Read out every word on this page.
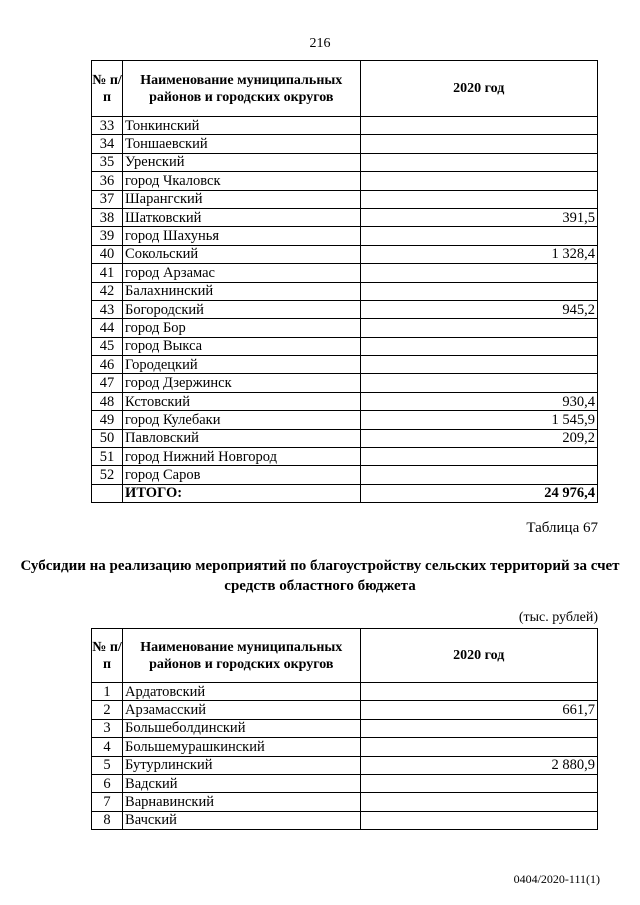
216
№ п/п	Наименование муниципальных районов и городских округов	2020 год
33	Тонкинский	
34	Тоншаевский	
35	Уренский	
36	город Чкаловск	
37	Шарангский	
38	Шатковский	391,5
39	город Шахунья	
40	Сокольский	1 328,4
41	город Арзамас	
42	Балахнинский	
43	Богородский	945,2
44	город Бор	
45	город Выкса	
46	Городецкий	
47	город Дзержинск	
48	Кстовский	930,4
49	город Кулебаки	1 545,9
50	Павловский	209,2
51	город Нижний Новгород	
52	город Саров	
	ИТОГО:	24 976,4
Таблица 67
Субсидии на реализацию мероприятий по благоустройству сельских территорий за счет средств областного бюджета
(тыс. рублей)
№ п/п	Наименование муниципальных районов и городских округов	2020 год
1	Ардатовский	
2	Арзамасский	661,7
3	Большеболдинский	
4	Большемурашкинский	
5	Бутурлинский	2 880,9
6	Вадский	
7	Варнавинский	
8	Вачский	
0404/2020-111(1)
